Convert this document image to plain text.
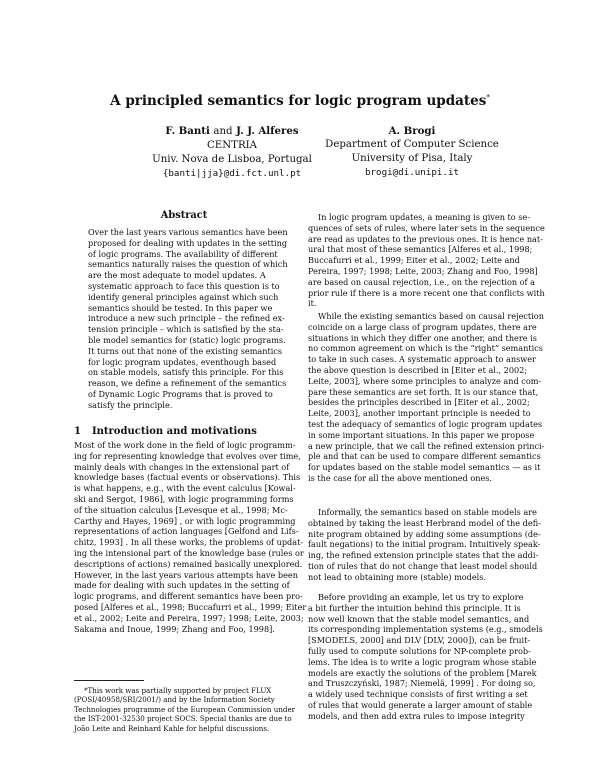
A principled semantics for logic program updates*
F. Banti and J. J. Alferes
CENTRIA
Univ. Nova de Lisboa, Portugal
{banti|jja}@di.fct.unl.pt
A. Brogi
Department of Computer Science
University of Pisa, Italy
brogi@di.unipi.it
Abstract
Over the last years various semantics have been
proposed for dealing with updates in the setting
of logic programs. The availability of different
semantics naturally raises the question of which
are the most adequate to model updates. A
systematic approach to face this question is to
identify general principles against which such
semantics should be tested. In this paper we
introduce a new such principle – the refined ex-
tension principle – which is satisfied by the sta-
ble model semantics for (static) logic programs.
It turns out that none of the existing semantics
for logic program updates, eventhough based
on stable models, satisfy this principle. For this
reason, we define a refinement of the semantics
of Dynamic Logic Programs that is proved to
satisfy the principle.
1 Introduction and motivations
Most of the work done in the field of logic programm-
ing for representing knowledge that evolves over time,
mainly deals with changes in the extensional part of
knowledge bases (factual events or observations). This
is what happens, e.g., with the event calculus [Kowal-
ski and Sergot, 1986], with logic programming forms
of the situation calculus [Levesque et al., 1998; Mc-
Carthy and Hayes, 1969] , or with logic programming
representations of action languages [Gelfond and Lifs-
chitz, 1993] . In all these works, the problems of updat-
ing the intensional part of the knowledge base (rules or
descriptions of actions) remained basically unexplored.
However, in the last years various attempts have been
made for dealing with such updates in the setting of
logic programs, and different semantics have been pro-
posed [Alferes et al., 1998; Buccafurri et al., 1999; Eiter
et al., 2002; Leite and Pereira, 1997; 1998; Leite, 2003;
Sakama and Inoue, 1999; Zhang and Foo, 1998].
*This work was partially supported by project FLUX
(POSI/40958/SRI/2001/) and by the Information Society
Technologies programme of the European Commission under
the IST-2001-32530 project SOCS. Special thanks are due to
João Leite and Reinhard Kahle for helpful discussions.
In logic program updates, a meaning is given to se-
quences of sets of rules, where later sets in the sequence
are read as updates to the previous ones. It is hence nat-
ural that most of these semantics [Alferes et al., 1998;
Buccafurri et al., 1999; Eiter et al., 2002; Leite and
Pereira, 1997; 1998; Leite, 2003; Zhang and Foo, 1998]
are based on causal rejection, i.e., on the rejection of a
prior rule if there is a more recent one that conflicts with
it.
While the existing semantics based on causal rejection
coincide on a large class of program updates, there are
situations in which they differ one another, and there is
no common agreement on which is the “right” semantics
to take in such cases. A systematic approach to answer
the above question is described in [Eiter et al., 2002;
Leite, 2003], where some principles to analyze and com-
pare these semantics are set forth. It is our stance that,
besides the principles described in [Eiter et al., 2002;
Leite, 2003], another important principle is needed to
test the adequacy of semantics of logic program updates
in some important situations. In this paper we propose
a new principle, that we call the refined extension princi-
ple and that can be used to compare different semantics
for updates based on the stable model semantics — as it
is the case for all the above mentioned ones.
Informally, the semantics based on stable models are
obtained by taking the least Herbrand model of the defi-
nite program obtained by adding some assumptions (de-
fault negations) to the initial program. Intuitively speak-
ing, the refined extension principle states that the addi-
tion of rules that do not change that least model should
not lead to obtaining more (stable) models.
Before providing an example, let us try to explore
a bit further the intuition behind this principle. It is
now well known that the stable model semantics, and
its corresponding implementation systems (e.g., smodels
[SMODELS, 2000] and DLV [DLV, 2000]), can be fruit-
fully used to compute solutions for NP-complete prob-
lems. The idea is to write a logic program whose stable
models are exactly the solutions of the problem [Marek
and Truszczyński, 1987; Niemelä, 1999] . For doing so,
a widely used technique consists of first writing a set
of rules that would generate a larger amount of stable
models, and then add extra rules to impose integrity
